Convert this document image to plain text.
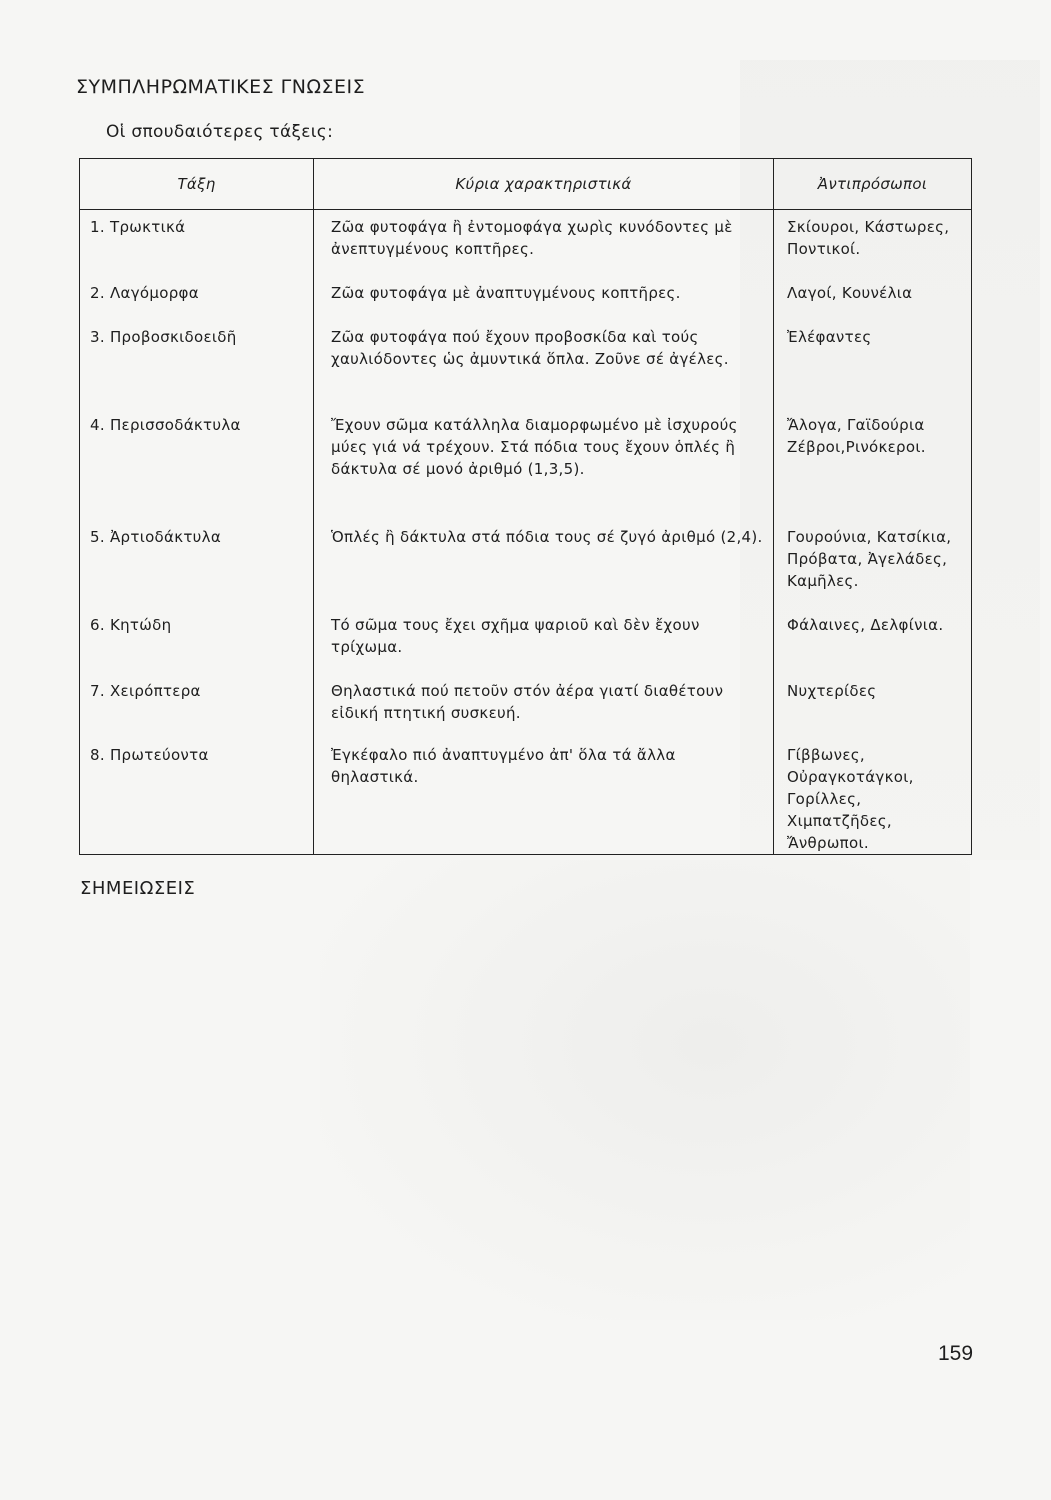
ΣΥΜΠΛΗΡΩΜΑΤΙΚΕΣ ΓΝΩΣΕΙΣ
Οἱ σπουδαιότερες τάξεις:
Τάξη	Κύρια χαρακτηριστικά	Ἀντιπρόσωποι
1. Τρωκτικά	Ζῶα φυτοφάγα ἢ ἐντομοφάγα χωρὶς κυνόδοντες μὲ ἀνεπτυγμένους κοπτῆρες.	Σκίουροι, Κάστωρες, Ποντικοί.
2. Λαγόμορφα	Ζῶα φυτοφάγα μὲ ἀναπτυγμένους κοπτῆρες.	Λαγοί, Κουνέλια
3. Προβοσκιδοειδῆ	Ζῶα φυτοφάγα πού ἔχουν προβοσκίδα καὶ τούς χαυλιόδοντες ὡς ἀμυντικά ὅπλα. Ζοῦνε σέ ἀγέλες.	Ἐλέφαντες
4. Περισσοδάκτυλα	Ἔχουν σῶμα κατάλληλα διαμορφωμένο μὲ ἰσχυρούς μύες γιά νά τρέχουν. Στά πόδια τους ἔχουν ὁπλές ἢ δάκτυλα σέ μονό ἀριθμό (1,3,5).	Ἄλογα, Γαϊδούρια Ζέβροι,Ρινόκεροι.
5. Ἀρτιοδάκτυλα	Ὁπλές ἢ δάκτυλα στά πόδια τους σέ ζυγό ἀριθμό (2,4).	Γουρούνια, Κατσίκια, Πρόβατα, Ἀγελάδες, Καμῆλες.
6. Κητώδη	Τό σῶμα τους ἔχει σχῆμα ψαριοῦ καὶ δὲν ἔχουν τρίχωμα.	Φάλαινες, Δελφίνια.
7. Χειρόπτερα	Θηλαστικά πού πετοῦν στόν ἀέρα γιατί διαθέτουν εἰδική πτητική συσκευή.	Νυχτερίδες
8. Πρωτεύοντα	Ἐγκέφαλο πιό ἀναπτυγμένο ἀπ' ὅλα τά ἄλλα θηλαστικά.	Γίββωνες, Οὐραγκοτάγκοι, Γορίλλες, Χιμπατζῆδες, Ἄνθρωποι.
ΣΗΜΕΙΩΣΕΙΣ
159
